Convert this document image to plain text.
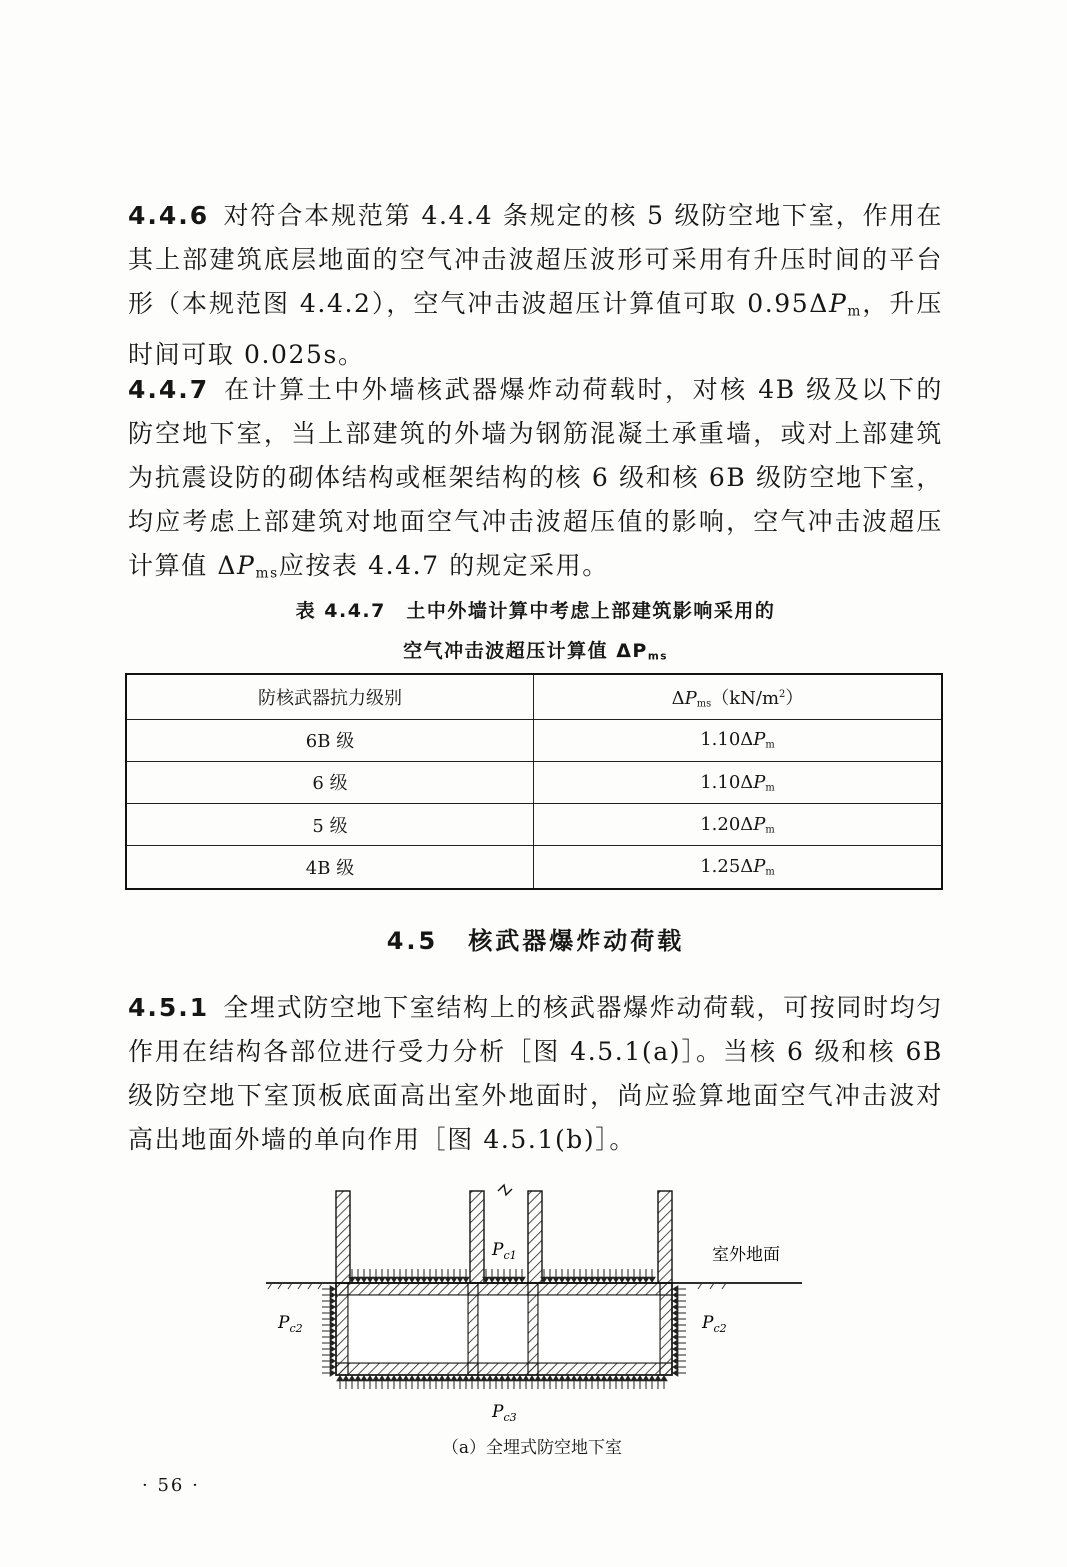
4.4.6 对符合本规范第 4.4.4 条规定的核 5 级防空地下室，作用在其上部建筑底层地面的空气冲击波超压波形可采用有升压时间的平台形（本规范图 4.4.2），空气冲击波超压计算值可取 $0.95\Delta P_m$，升压时间可取 0.025s。
4.4.7 在计算土中外墙核武器爆炸动荷载时，对核 4B 级及以下的防空地下室，当上部建筑的外墙为钢筋混凝土承重墙，或对上部建筑为抗震设防的砌体结构或框架结构的核 6 级和核 6B 级防空地下室，均应考虑上部建筑对地面空气冲击波超压值的影响，空气冲击波超压计算值 $\Delta P_{ms}$应按表 4.4.7 的规定采用。
表 4.4.7　土中外墙计算中考虑上部建筑影响采用的
空气冲击波超压计算值 $\Delta P_{ms}$
防核武器抗力级别	$\Delta P_{ms}(kN/m^2)$
6B 级	$1.10\Delta P_m$
6 级	$1.10\Delta P_m$
5 级	$1.20\Delta P_m$
4B 级	$1.25\Delta P_m$
4.5 核武器爆炸动荷载
4.5.1 全埋式防空地下室结构上的核武器爆炸动荷载，可按同时均匀作用在结构各部位进行受力分析［图 4.5.1(a)］。当核 6 级和核 6B 级防空地下室顶板底面高出室外地面时，尚应验算地面空气冲击波对高出地面外墙的单向作用［图 4.5.1(b)］。
$P_{c1}$
$P_{c2}$	$P_{c2}$
$P_{c3}$
室外地面
（a）全埋式防空地下室
· 56 ·
